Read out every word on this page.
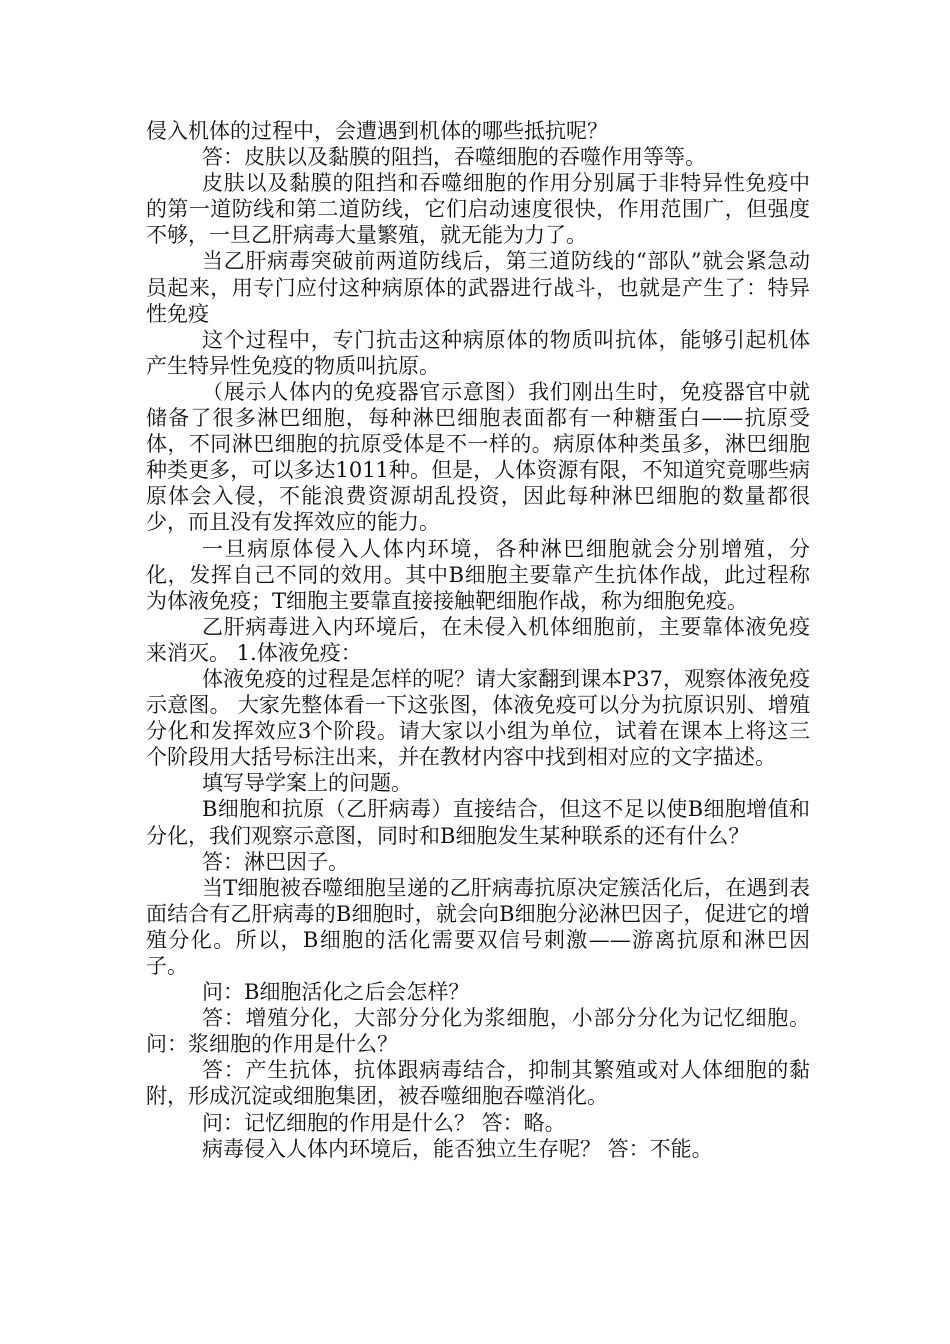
侵入机体的过程中，会遭遇到机体的哪些抵抗呢？

答：皮肤以及黏膜的阻挡，吞噬细胞的吞噬作用等等。

皮肤以及黏膜的阻挡和吞噬细胞的作用分别属于非特异性免疫中的第一道防线和第二道防线，它们启动速度很快，作用范围广，但强度不够，一旦乙肝病毒大量繁殖，就无能为力了。

当乙肝病毒突破前两道防线后，第三道防线的“部队”就会紧急动员起来，用专门应付这种病原体的武器进行战斗，也就是产生了：特异性免疫

这个过程中，专门抗击这种病原体的物质叫抗体，能够引起机体产生特异性免疫的物质叫抗原。

（展示人体内的免疫器官示意图）我们刚出生时，免疫器官中就储备了很多淋巴细胞，每种淋巴细胞表面都有一种糖蛋白——抗原受体，不同淋巴细胞的抗原受体是不一样的。病原体种类虽多，淋巴细胞种类更多，可以多达1011种。但是，人体资源有限，不知道究竟哪些病原体会入侵，不能浪费资源胡乱投资，因此每种淋巴细胞的数量都很少，而且没有发挥效应的能力。

一旦病原体侵入人体内环境，各种淋巴细胞就会分别增殖，分化，发挥自己不同的效用。其中B细胞主要靠产生抗体作战，此过程称为体液免疫；T细胞主要靠直接接触靶细胞作战，称为细胞免疫。

乙肝病毒进入内环境后，在未侵入机体细胞前，主要靠体液免疫来消灭。 1.体液免疫：

体液免疫的过程是怎样的呢？请大家翻到课本P37，观察体液免疫示意图。 大家先整体看一下这张图，体液免疫可以分为抗原识别、增殖分化和发挥效应3个阶段。请大家以小组为单位，试着在课本上将这三个阶段用大括号标注出来，并在教材内容中找到相对应的文字描述。

填写导学案上的问题。

B细胞和抗原（乙肝病毒）直接结合，但这不足以使B细胞增值和分化，我们观察示意图，同时和B细胞发生某种联系的还有什么？

答：淋巴因子。

当T细胞被吞噬细胞呈递的乙肝病毒抗原决定簇活化后，在遇到表面结合有乙肝病毒的B细胞时，就会向B细胞分泌淋巴因子，促进它的增殖分化。所以，B细胞的活化需要双信号刺激——游离抗原和淋巴因子。

问：B细胞活化之后会怎样？

答：增殖分化，大部分分化为浆细胞，小部分分化为记忆细胞。 问：浆细胞的作用是什么？

答：产生抗体，抗体跟病毒结合，抑制其繁殖或对人体细胞的黏附，形成沉淀或细胞集团，被吞噬细胞吞噬消化。

问：记忆细胞的作用是什么？ 答：略。

病毒侵入人体内环境后，能否独立生存呢？ 答：不能。
